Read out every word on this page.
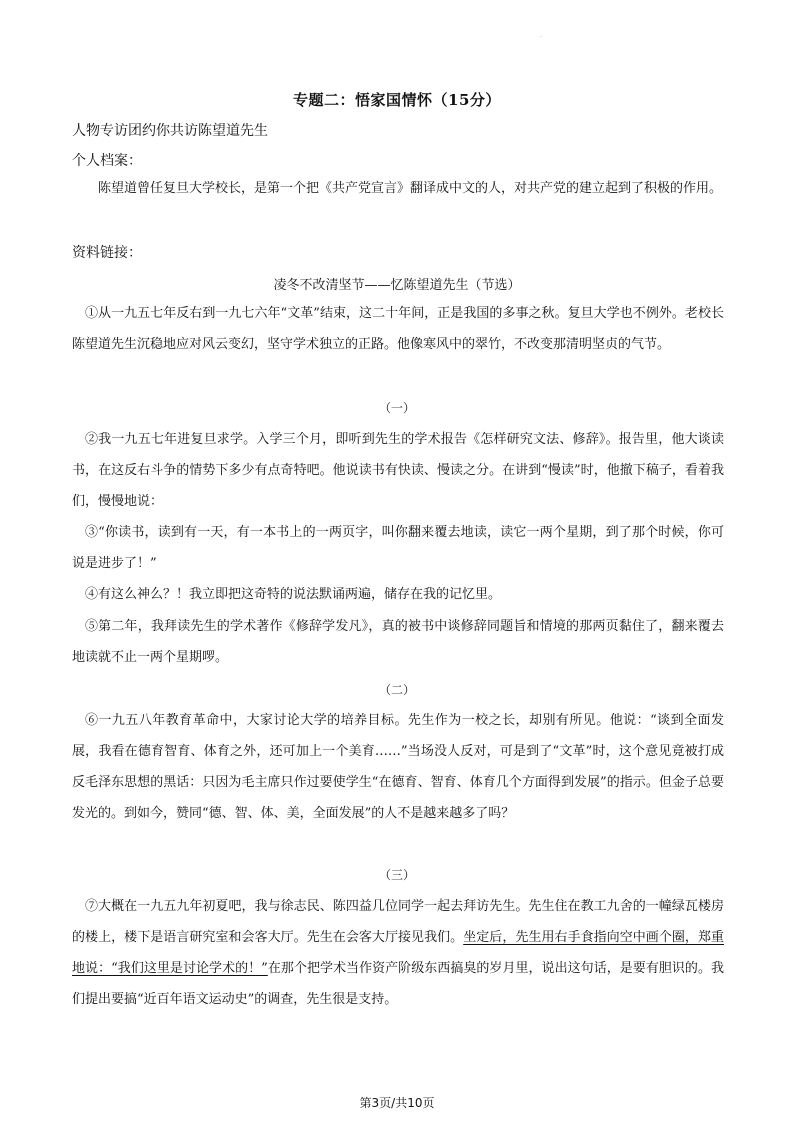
·
专题二：悟家国情怀（15分）
人物专访团约你共访陈望道先生
个人档案：

陈望道曾任复旦大学校长，是第一个把《共产党宣言》翻译成中文的人，对共产党的建立起到了积极的作用。

资料链接：
凌冬不改清坚节——忆陈望道先生（节选）

①从一九五七年反右到一九七六年“文革”结束，这二十年间，正是我国的多事之秋。复旦大学也不例外。老校长陈望道先生沉稳地应对风云变幻，坚守学术独立的正路。他像寒风中的翠竹，不改变那清明坚贞的气节。

（一）

②我一九五七年进复旦求学。入学三个月，即听到先生的学术报告《怎样研究文法、修辞》。报告里，他大谈读书，在这反右斗争的情势下多少有点奇特吧。他说读书有快读、慢读之分。在讲到“慢读”时，他撤下稿子，看着我们，慢慢地说：

③“你读书，读到有一天，有一本书上的一两页字，叫你翻来覆去地读，读它一两个星期，到了那个时候，你可说是进步了！”

④有这么神么？！我立即把这奇特的说法默诵两遍，储存在我的记忆里。

⑤第二年，我拜读先生的学术著作《修辞学发凡》，真的被书中谈修辞同题旨和情境的那两页黏住了，翻来覆去地读就不止一两个星期啰。

（二）

⑥一九五八年教育革命中，大家讨论大学的培养目标。先生作为一校之长，却别有所见。他说：“谈到全面发展，我看在德育智育、体育之外，还可加上一个美育……”当场没人反对，可是到了“文革”时，这个意见竟被打成反毛泽东思想的黑话：只因为毛主席只作过要使学生“在德育、智育、体育几个方面得到发展”的指示。但金子总要发光的。到如今，赞同“德、智、体、美，全面发展”的人不是越来越多了吗？

（三）

⑦大概在一九五九年初夏吧，我与徐志民、陈四益几位同学一起去拜访先生。先生住在教工九舍的一幢绿瓦楼房的楼上，楼下是语言研究室和会客大厅。先生在会客大厅接见我们。坐定后，先生用右手食指向空中画个圈，郑重地说：“我们这里是讨论学术的！”在那个把学术当作资产阶级东西搞臭的岁月里，说出这句话，是要有胆识的。我们提出要搞“近百年语文运动史”的调查，先生很是支持。

第3页/共10页
